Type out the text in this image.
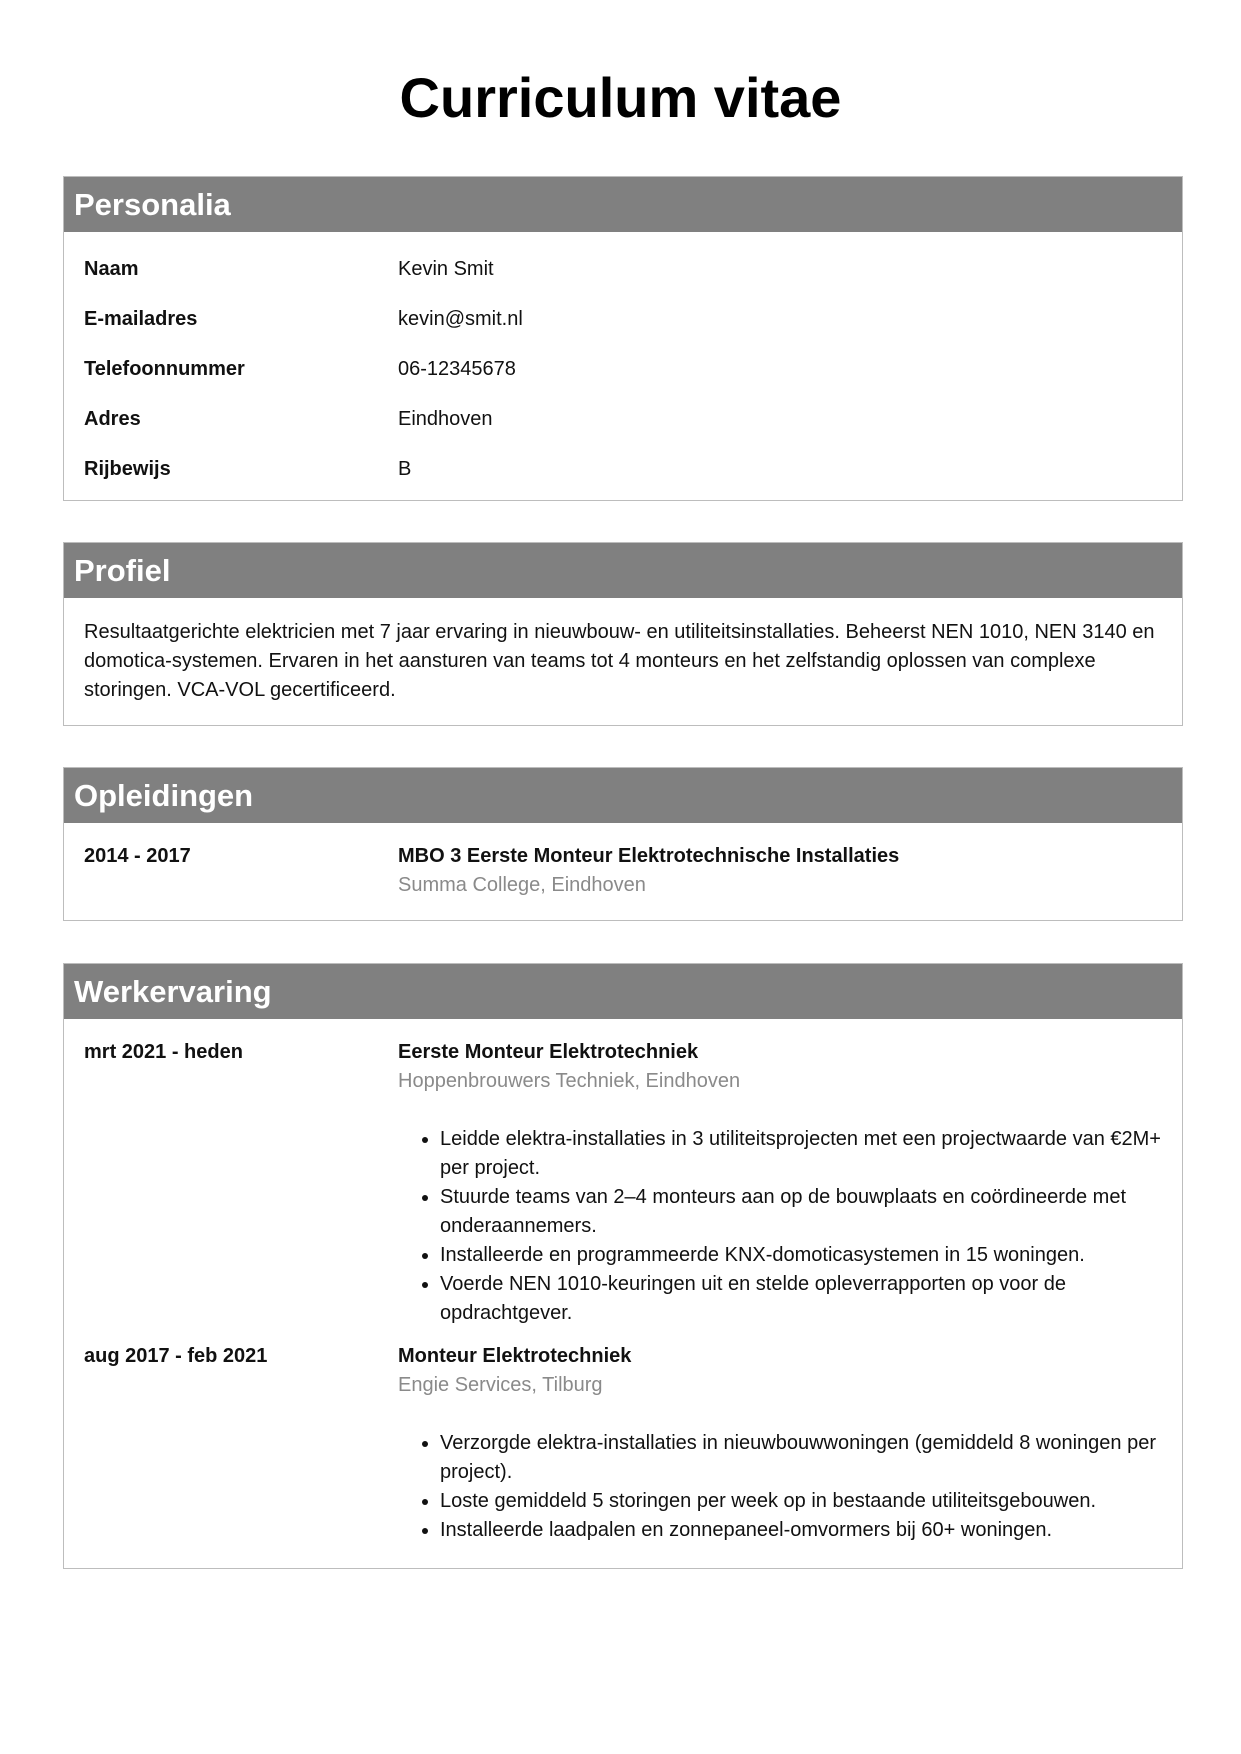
Curriculum vitae
Personalia
Naam	Kevin Smit
E-mailadres	kevin@smit.nl
Telefoonnummer	06-12345678
Adres	Eindhoven
Rijbewijs	B
Profiel
Resultaatgerichte elektricien met 7 jaar ervaring in nieuwbouw- en utiliteitsinstallaties. Beheerst NEN 1010, NEN 3140 en domotica-systemen. Ervaren in het aansturen van teams tot 4 monteurs en het zelfstandig oplossen van complexe storingen. VCA-VOL gecertificeerd.
Opleidingen
2014 - 2017	MBO 3 Eerste Monteur Elektrotechnische Installaties
Summa College, Eindhoven
Werkervaring
mrt 2021 - heden	Eerste Monteur Elektrotechniek
Hoppenbrouwers Techniek, Eindhoven
• Leidde elektra-installaties in 3 utiliteitsprojecten met een projectwaarde van €2M+ per project.
• Stuurde teams van 2–4 monteurs aan op de bouwplaats en coördineerde met onderaannemers.
• Installeerde en programmeerde KNX-domoticasystemen in 15 woningen.
• Voerde NEN 1010-keuringen uit en stelde opleverrapporten op voor de opdrachtgever.
aug 2017 - feb 2021	Monteur Elektrotechniek
Engie Services, Tilburg
• Verzorgde elektra-installaties in nieuwbouwwoningen (gemiddeld 8 woningen per project).
• Loste gemiddeld 5 storingen per week op in bestaande utiliteitsgebouwen.
• Installeerde laadpalen en zonnepaneel-omvormers bij 60+ woningen.
